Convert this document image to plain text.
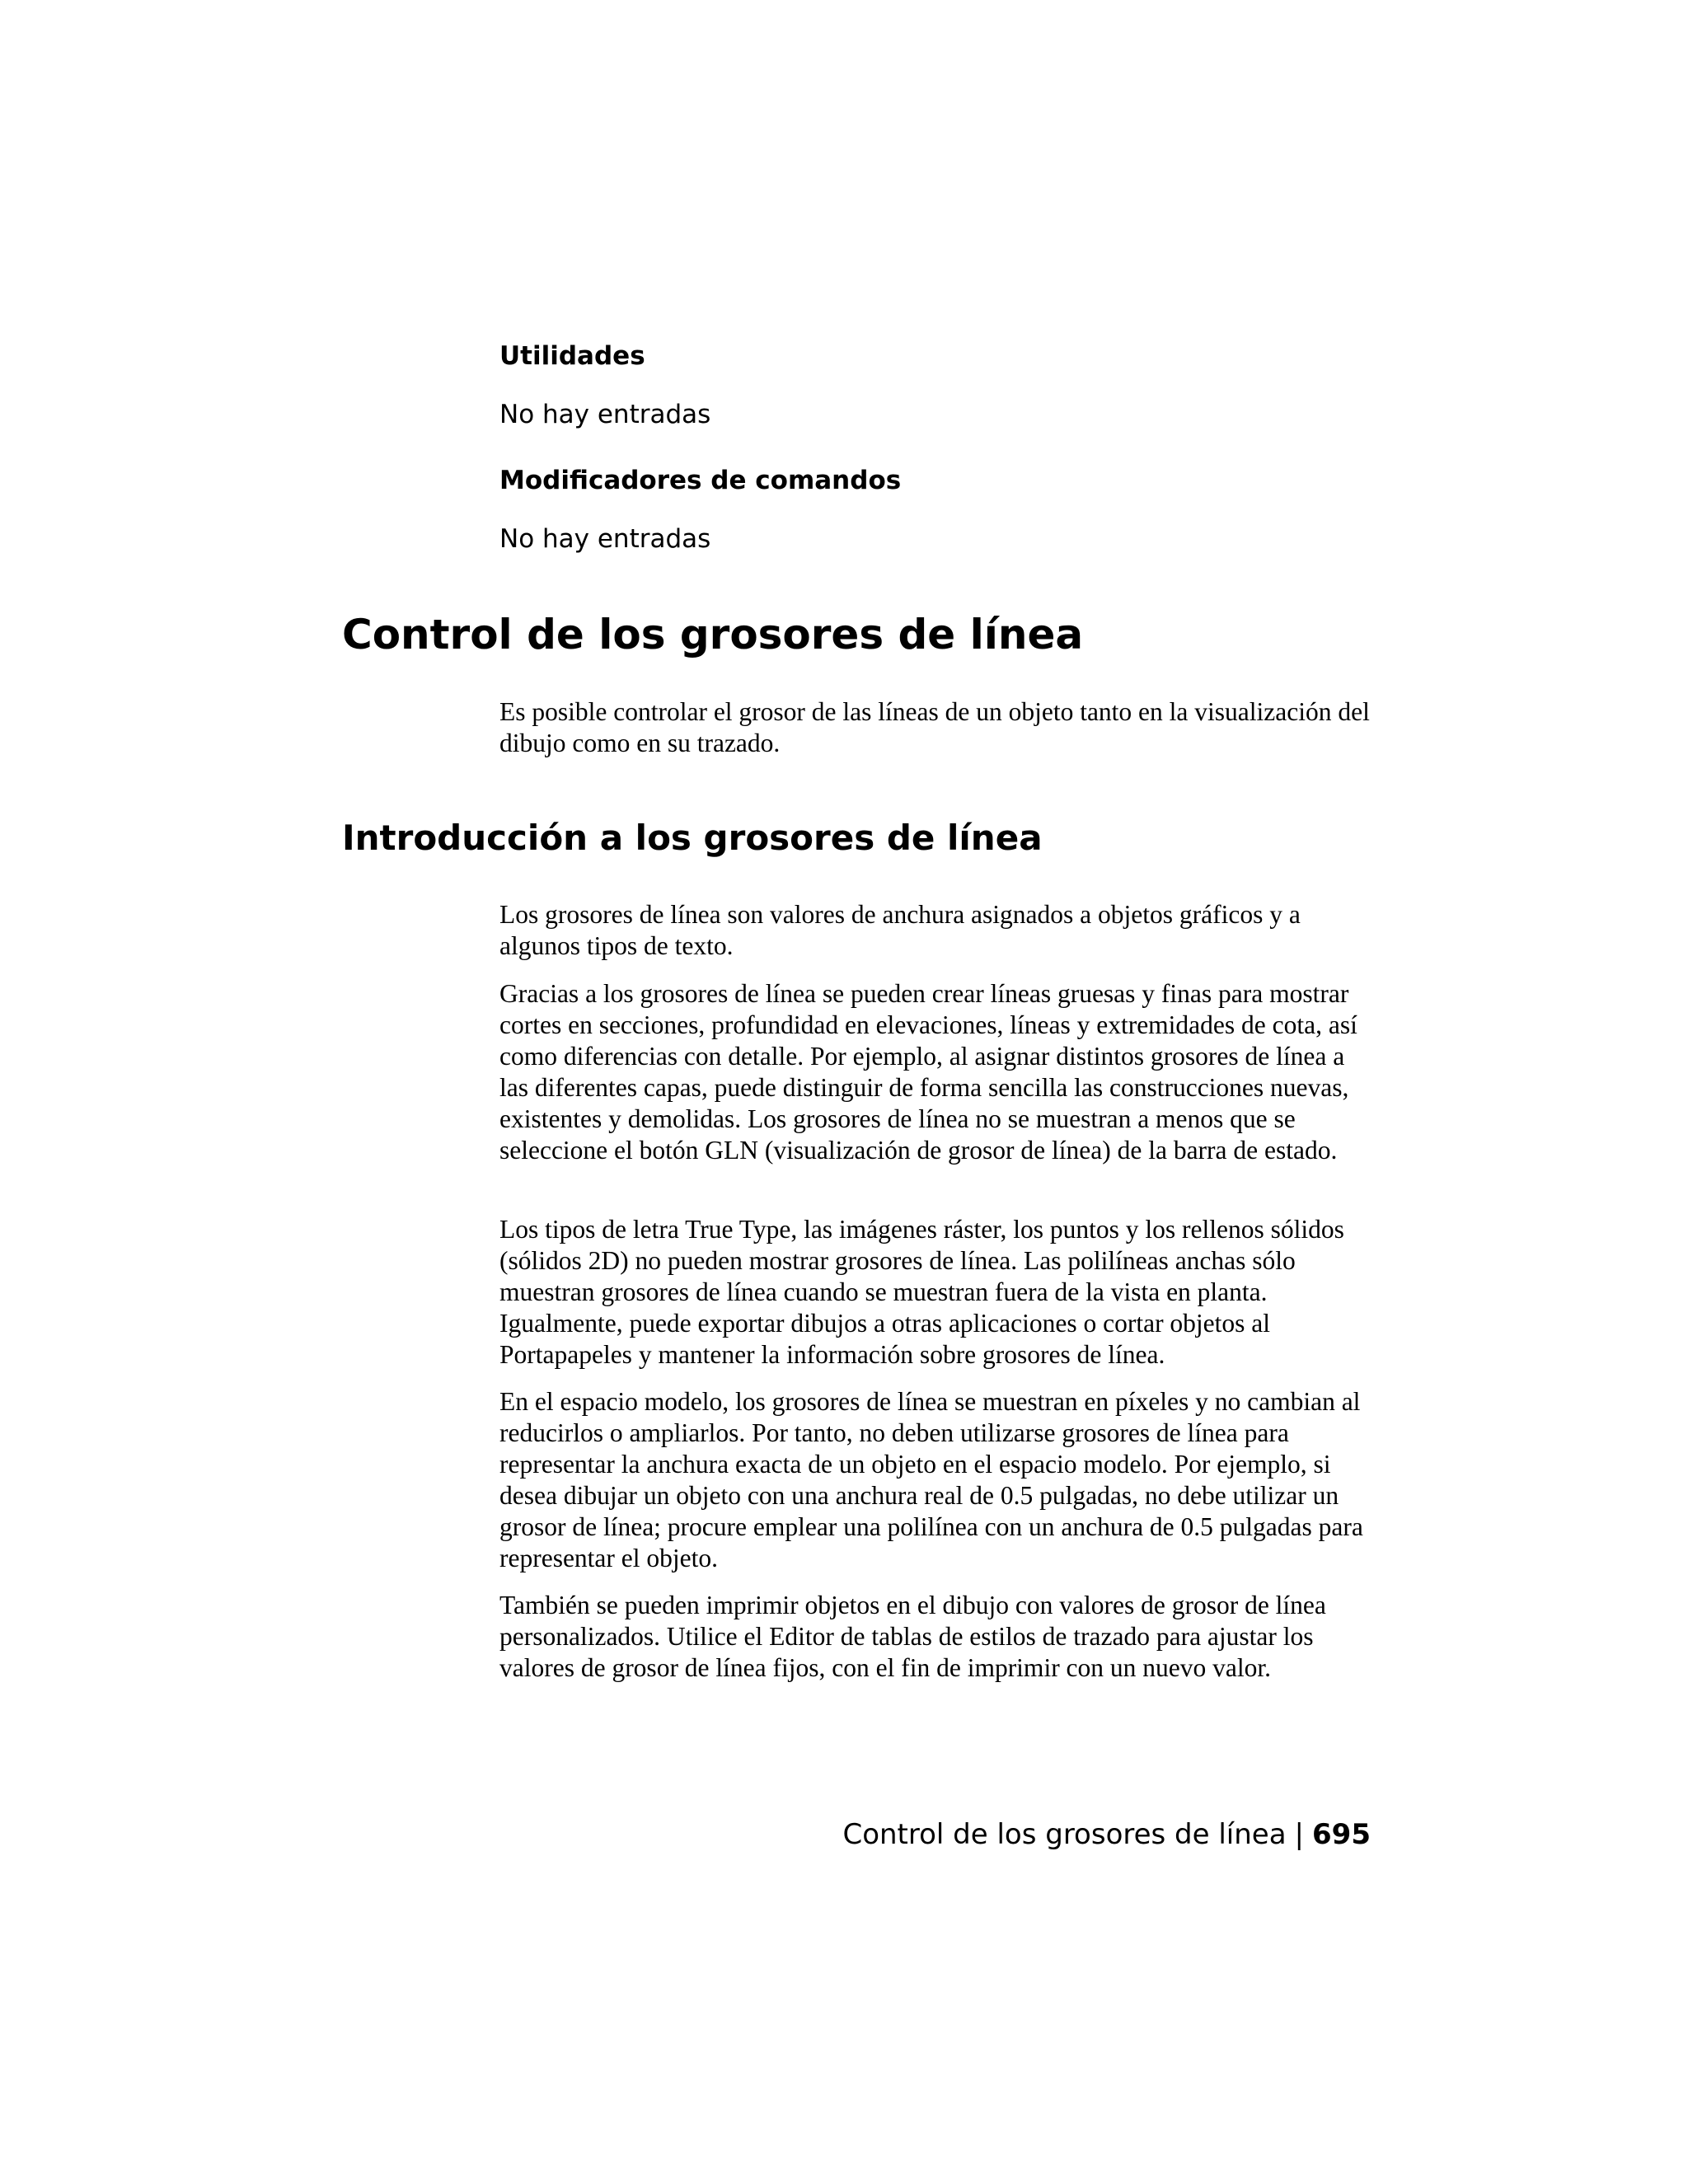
Utilidades

No hay entradas

Modificadores de comandos

No hay entradas

Control de los grosores de línea

Es posible controlar el grosor de las líneas de un objeto tanto en la visualización del dibujo como en su trazado.

Introducción a los grosores de línea

Los grosores de línea son valores de anchura asignados a objetos gráficos y a algunos tipos de texto.

Gracias a los grosores de línea se pueden crear líneas gruesas y finas para mostrar cortes en secciones, profundidad en elevaciones, líneas y extremidades de cota, así como diferencias con detalle. Por ejemplo, al asignar distintos grosores de línea a las diferentes capas, puede distinguir de forma sencilla las construcciones nuevas, existentes y demolidas. Los grosores de línea no se muestran a menos que se seleccione el botón GLN (visualización de grosor de línea) de la barra de estado.

Los tipos de letra True Type, las imágenes ráster, los puntos y los rellenos sólidos (sólidos 2D) no pueden mostrar grosores de línea. Las polilíneas anchas sólo muestran grosores de línea cuando se muestran fuera de la vista en planta. Igualmente, puede exportar dibujos a otras aplicaciones o cortar objetos al Portapapeles y mantener la información sobre grosores de línea.

En el espacio modelo, los grosores de línea se muestran en píxeles y no cambian al reducirlos o ampliarlos. Por tanto, no deben utilizarse grosores de línea para representar la anchura exacta de un objeto en el espacio modelo. Por ejemplo, si desea dibujar un objeto con una anchura real de 0.5 pulgadas, no debe utilizar un grosor de línea; procure emplear una polilínea con un anchura de 0.5 pulgadas para representar el objeto.

También se pueden imprimir objetos en el dibujo con valores de grosor de línea personalizados. Utilice el Editor de tablas de estilos de trazado para ajustar los valores de grosor de línea fijos, con el fin de imprimir con un nuevo valor.

Control de los grosores de línea | 695
